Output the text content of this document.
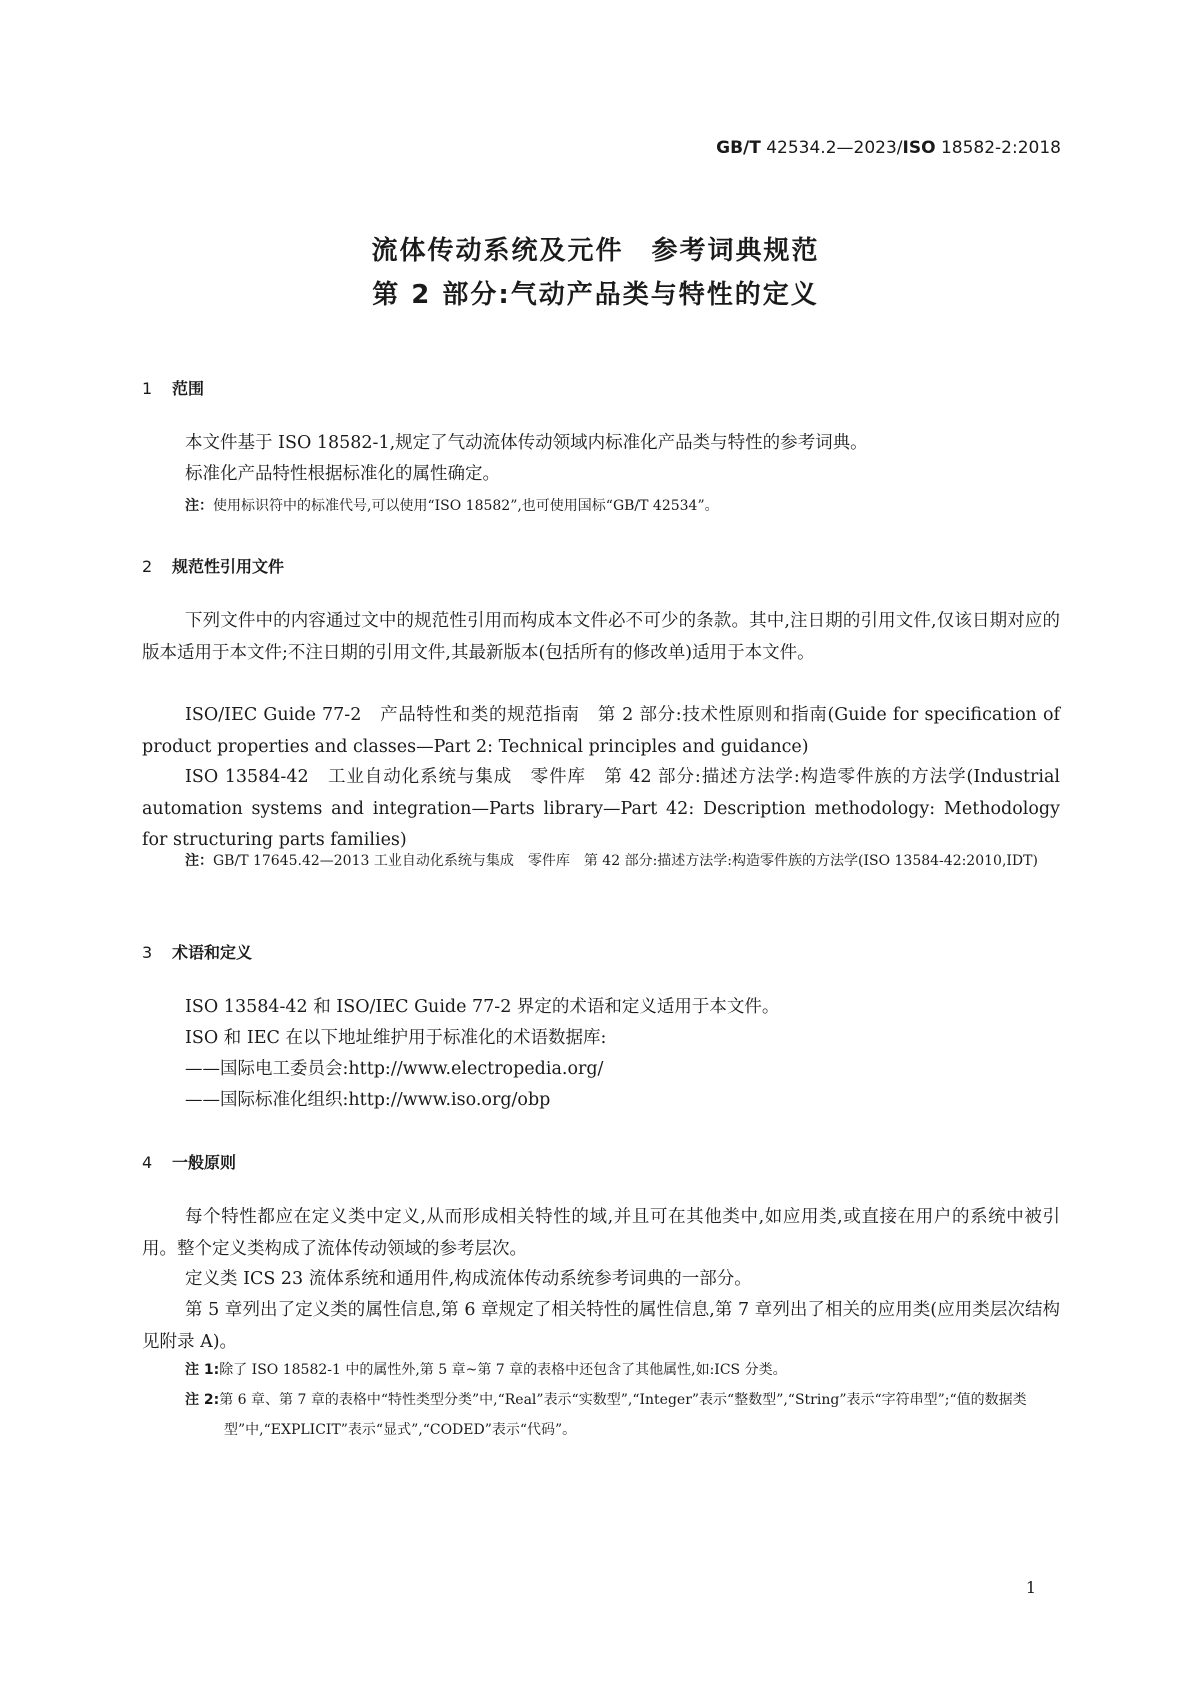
GB/T 42534.2—2023/ISO 18582-2:2018
流体传动系统及元件　参考词典规范
第 2 部分:气动产品类与特性的定义
1 范围
本文件基于 ISO 18582-1,规定了气动流体传动领域内标准化产品类与特性的参考词典。
标准化产品特性根据标准化的属性确定。
注：使用标识符中的标准代号,可以使用“ISO 18582”,也可使用国标“GB/T 42534”。
2 规范性引用文件
下列文件中的内容通过文中的规范性引用而构成本文件必不可少的条款。其中,注日期的引用文件,仅该日期对应的版本适用于本文件;不注日期的引用文件,其最新版本(包括所有的修改单)适用于本文件。
ISO/IEC Guide 77-2　产品特性和类的规范指南　第 2 部分:技术性原则和指南(Guide for specification of product properties and classes—Part 2: Technical principles and guidance)
ISO 13584-42　工业自动化系统与集成　零件库　第 42 部分:描述方法学:构造零件族的方法学(Industrial automation systems and integration—Parts library—Part 42: Description methodology: Methodology for structuring parts families)
注：GB/T 17645.42—2013 工业自动化系统与集成　零件库　第 42 部分:描述方法学:构造零件族的方法学(ISO 13584-42:2010,IDT)
3 术语和定义
ISO 13584-42 和 ISO/IEC Guide 77-2 界定的术语和定义适用于本文件。
ISO 和 IEC 在以下地址维护用于标准化的术语数据库:
——国际电工委员会:http://www.electropedia.org/
——国际标准化组织:http://www.iso.org/obp
4 一般原则
每个特性都应在定义类中定义,从而形成相关特性的域,并且可在其他类中,如应用类,或直接在用户的系统中被引用。整个定义类构成了流体传动领域的参考层次。
定义类 ICS 23 流体系统和通用件,构成流体传动系统参考词典的一部分。
第 5 章列出了定义类的属性信息,第 6 章规定了相关特性的属性信息,第 7 章列出了相关的应用类(应用类层次结构见附录 A)。
注 1:除了 ISO 18582-1 中的属性外,第 5 章~第 7 章的表格中还包含了其他属性,如:ICS 分类。
注 2:第 6 章、第 7 章的表格中“特性类型分类”中,“Real”表示“实数型”,“Integer”表示“整数型”,“String”表示“字符串型”;“值的数据类型”中,“EXPLICIT”表示“显式”,“CODED”表示“代码”。
1
